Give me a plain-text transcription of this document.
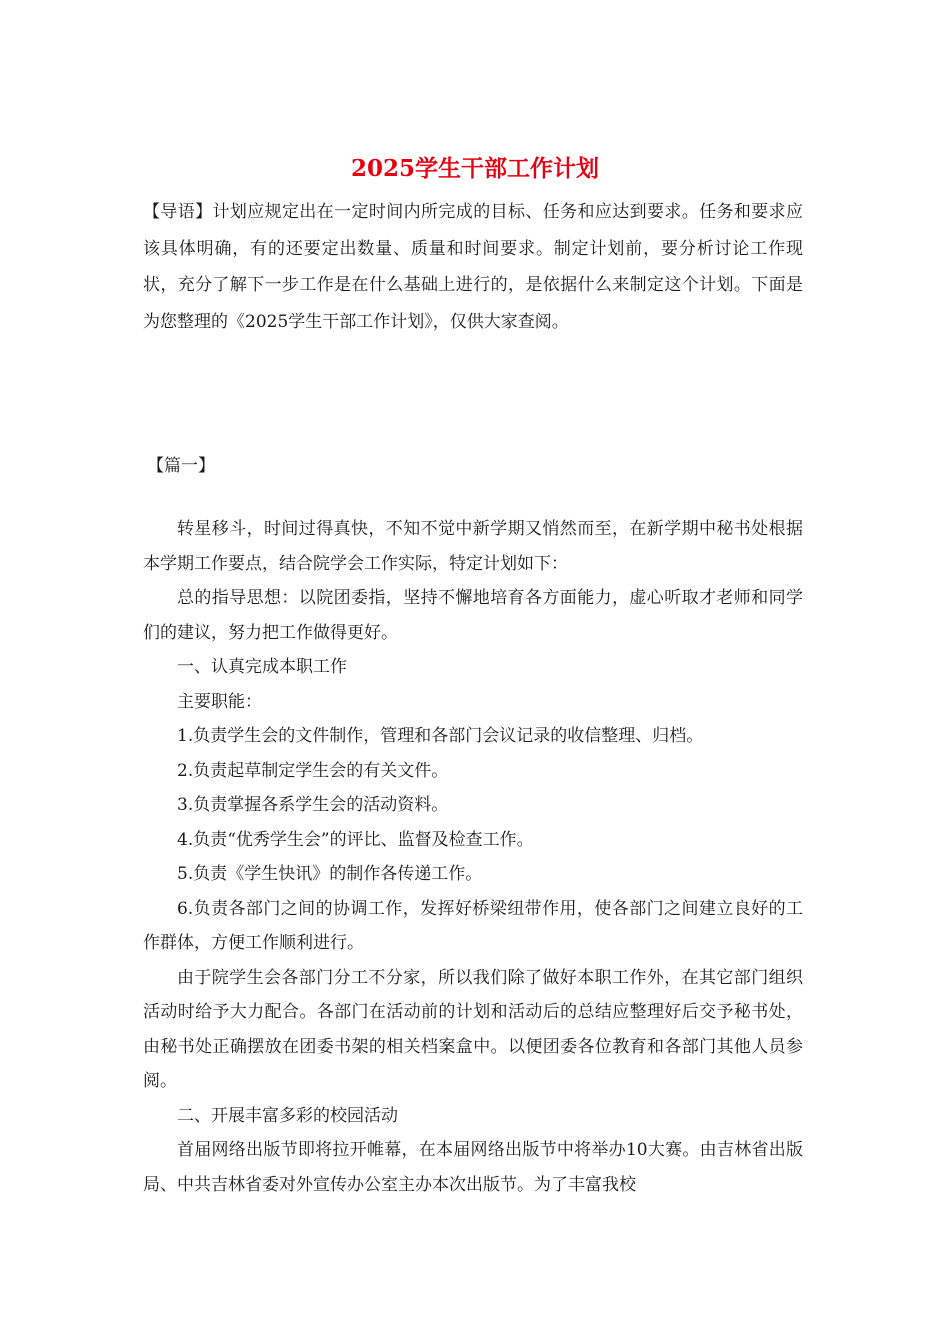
2025学生干部工作计划

【导语】计划应规定出在一定时间内所完成的目标、任务和应达到要求。任务和要求应该具体明确，有的还要定出数量、质量和时间要求。制定计划前，要分析讨论工作现状，充分了解下一步工作是在什么基础上进行的，是依据什么来制定这个计划。下面是为您整理的《2025学生干部工作计划》，仅供大家查阅。

【篇一】

转星移斗，时间过得真快，不知不觉中新学期又悄然而至，在新学期中秘书处根据本学期工作要点，结合院学会工作实际，特定计划如下：

总的指导思想：以院团委指，坚持不懈地培育各方面能力，虚心听取才老师和同学们的建议，努力把工作做得更好。

一、认真完成本职工作

主要职能：

1.负责学生会的文件制作，管理和各部门会议记录的收信整理、归档。

2.负责起草制定学生会的有关文件。

3.负责掌握各系学生会的活动资料。

4.负责“优秀学生会”的评比、监督及检查工作。

5.负责《学生快讯》的制作各传递工作。

6.负责各部门之间的协调工作，发挥好桥梁纽带作用，使各部门之间建立良好的工作群体，方便工作顺利进行。

由于院学生会各部门分工不分家，所以我们除了做好本职工作外，在其它部门组织活动时给予大力配合。各部门在活动前的计划和活动后的总结应整理好后交予秘书处，由秘书处正确摆放在团委书架的相关档案盒中。以便团委各位教育和各部门其他人员参阅。

二、开展丰富多彩的校园活动

首届网络出版节即将拉开帷幕，在本届网络出版节中将举办10大赛。由吉林省出版局、中共吉林省委对外宣传办公室主办本次出版节。为了丰富我校
